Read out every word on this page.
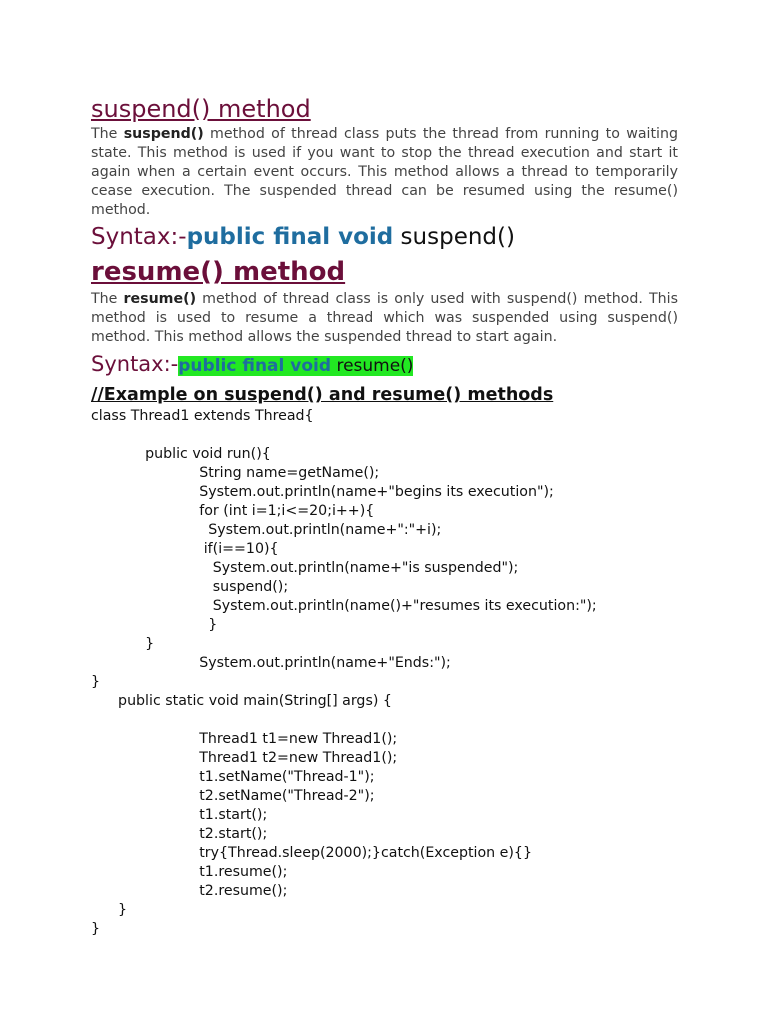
suspend() method

The suspend() method of thread class puts the thread from running to waiting state. This method is used if you want to stop the thread execution and start it again when a certain event occurs. This method allows a thread to temporarily cease execution. The suspended thread can be resumed using the resume() method.

Syntax:-public final void suspend()

resume() method

The resume() method of thread class is only used with suspend() method. This method is used to resume a thread which was suspended using suspend() method. This method allows the suspended thread to start again.

Syntax:-public final void resume()

//Example on suspend() and resume() methods
class Thread1 extends Thread{
public void run(){
String name=getName();
System.out.println(name+"begins its execution");
for (int i=1;i<=20;i++){
System.out.println(name+":"+i);
if(i==10){
System.out.println(name+"is suspended");
suspend();
System.out.println(name()+"resumes its execution:");
}
}
System.out.println(name+"Ends:");
}
public static void main(String[] args) {
Thread1 t1=new Thread1();
Thread1 t2=new Thread1();
t1.setName("Thread-1");
t2.setName("Thread-2");
t1.start();
t2.start();
try{Thread.sleep(2000);}catch(Exception e){}
t1.resume();
t2.resume();
}
}
